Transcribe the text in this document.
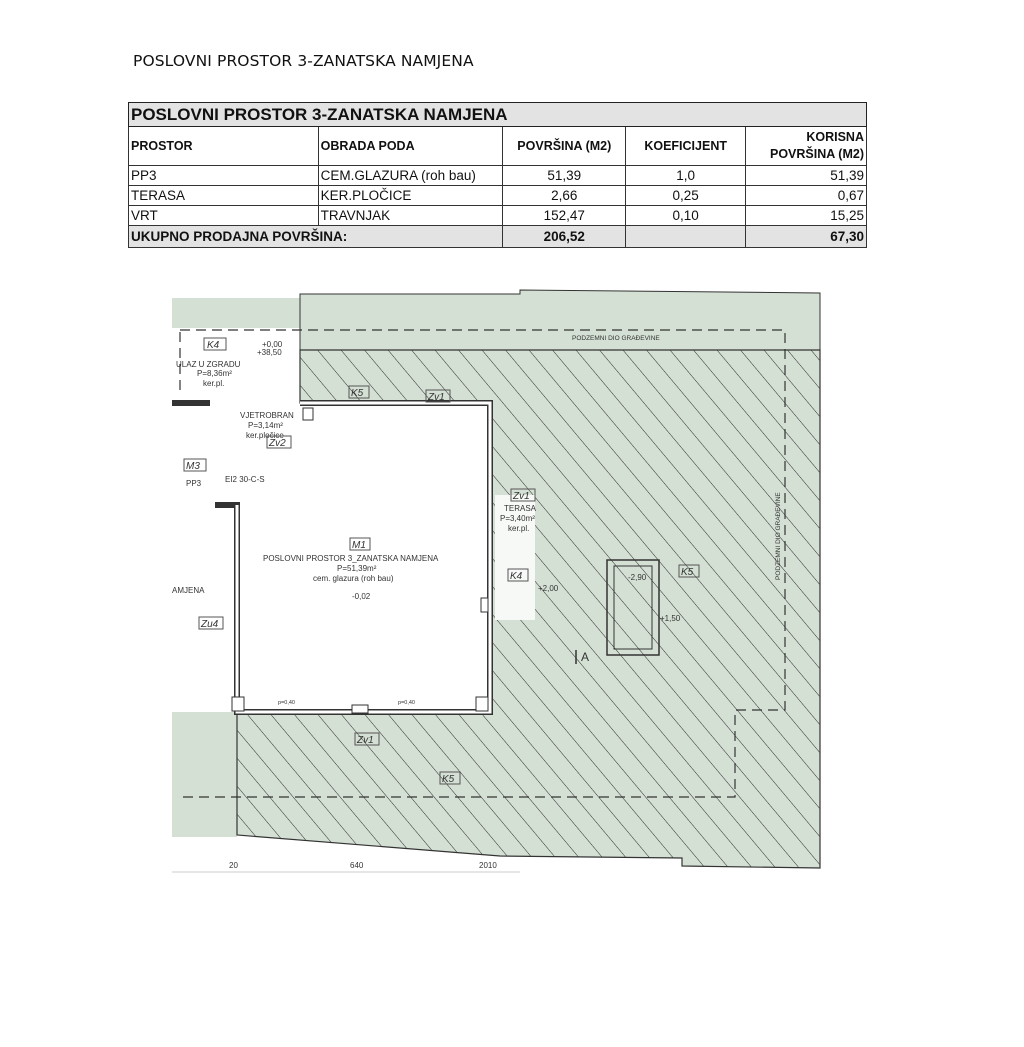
POSLOVNI PROSTOR 3-ZANATSKA NAMJENA
POSLOVNI PROSTOR 3-ZANATSKA NAMJENA				
PROSTOR	OBRADA PODA	POVRŠINA (M2)	KOEFICIJENT	KORISNA
POVRŠINA (M2)
PP3	CEM.GLAZURA (roh bau)	51,39	1,0	51,39
TERASA	KER.PLOČICE	2,66	0,25	0,67
VRT	TRAVNJAK	152,47	0,10	15,25
UKUPNO PRODAJNA POVRŠINA:		206,52		67,30
K4	+0,00
+38,50
ULAZ U ZGRADU
P=8,36m²
ker.pl.
K5	Zv1
VJETROBRAN
P=3,14m²
ker.pločice
Zv2
M3
PP3	EI2 30-C-S
M1
POSLOVNI PROSTOR 3_ZANATSKA NAMJENA
P=51,39m²
cem. glazura (roh bau)
-0,02
AMJENA
Zu4
Zv1
TERASA
P=3,40m²
ker.pl.
K4
+2,00
K5
-2,90
+1,50
A
PODZEMNI DIO GRAĐEVINE
PODZEMNI DIO GRAĐEVINE
Zv1
K5
p=0,40	p=0,40
20	640	2010
